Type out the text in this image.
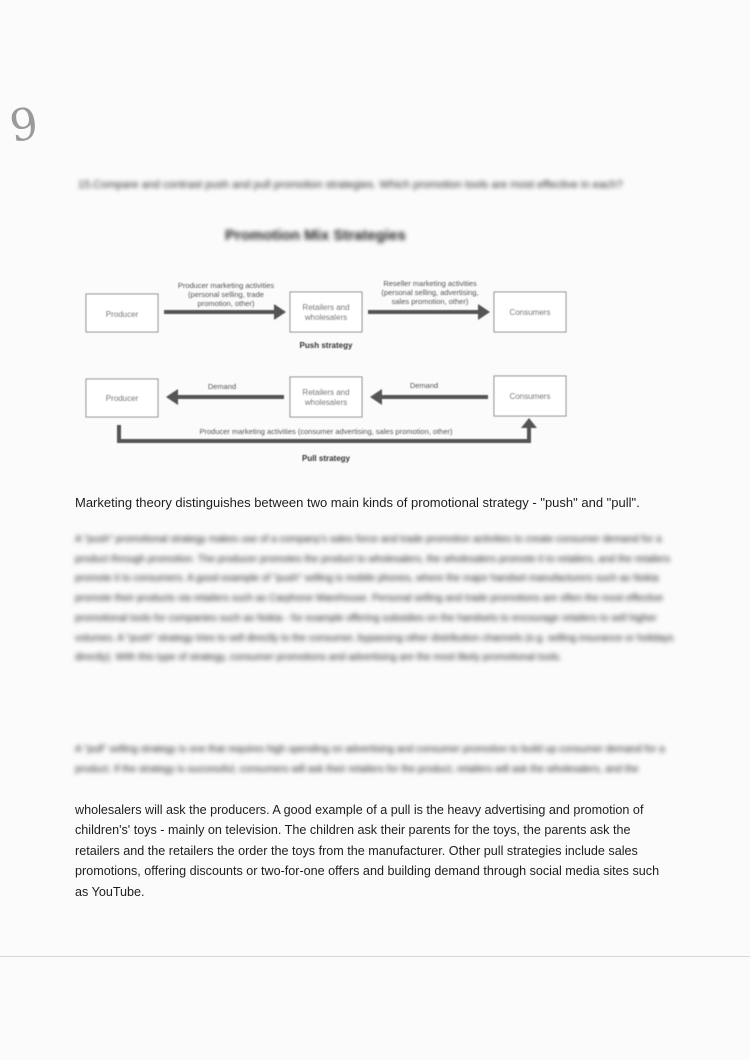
9
15.Compare and contrast push and pull promotion strategies. Which promotion tools are most effective in each?
Promotion Mix Strategies
Producer
Retailers and
wholesalers
Consumers
Producer marketing activities
(personal selling, trade
promotion, other)
Reseller marketing activities
(personal selling, advertising,
sales promotion, other)
Push strategy
Producer
Retailers and
wholesalers
Consumers
Demand	Demand
Producer marketing activities (consumer advertising, sales promotion, other)
Pull strategy
Marketing theory distinguishes between two main kinds of promotional strategy - "push" and "pull".
A "push" promotional strategy makes use of a company's sales force and trade promotion activities to create consumer demand for a product through promotion. The producer promotes the product to wholesalers, the wholesalers promote it to retailers, and the retailers promote it to consumers. A good example of "push" selling is mobile phones, where the major handset manufacturers such as Nokia promote their products via retailers such as Carphone Warehouse. Personal selling and trade promotions are often the most effective promotional tools for companies such as Nokia - for example offering subsidies on the handsets to encourage retailers to sell higher volumes. A "push" strategy tries to sell directly to the consumer, bypassing other distribution channels (e.g. selling insurance or holidays directly). With this type of strategy, consumer promotions and advertising are the most likely promotional tools.
A "pull" selling strategy is one that requires high spending on advertising and consumer promotion to build up consumer demand for a product. If the strategy is successful, consumers will ask their retailers for the product, retailers will ask the wholesalers, and the
wholesalers will ask the producers. A good example of a pull is the heavy advertising and promotion of children's' toys - mainly on television. The children ask their parents for the toys, the parents ask the retailers and the retailers the order the toys from the manufacturer. Other pull strategies include sales promotions, offering discounts or two-for-one offers and building demand through social media sites such as YouTube.
